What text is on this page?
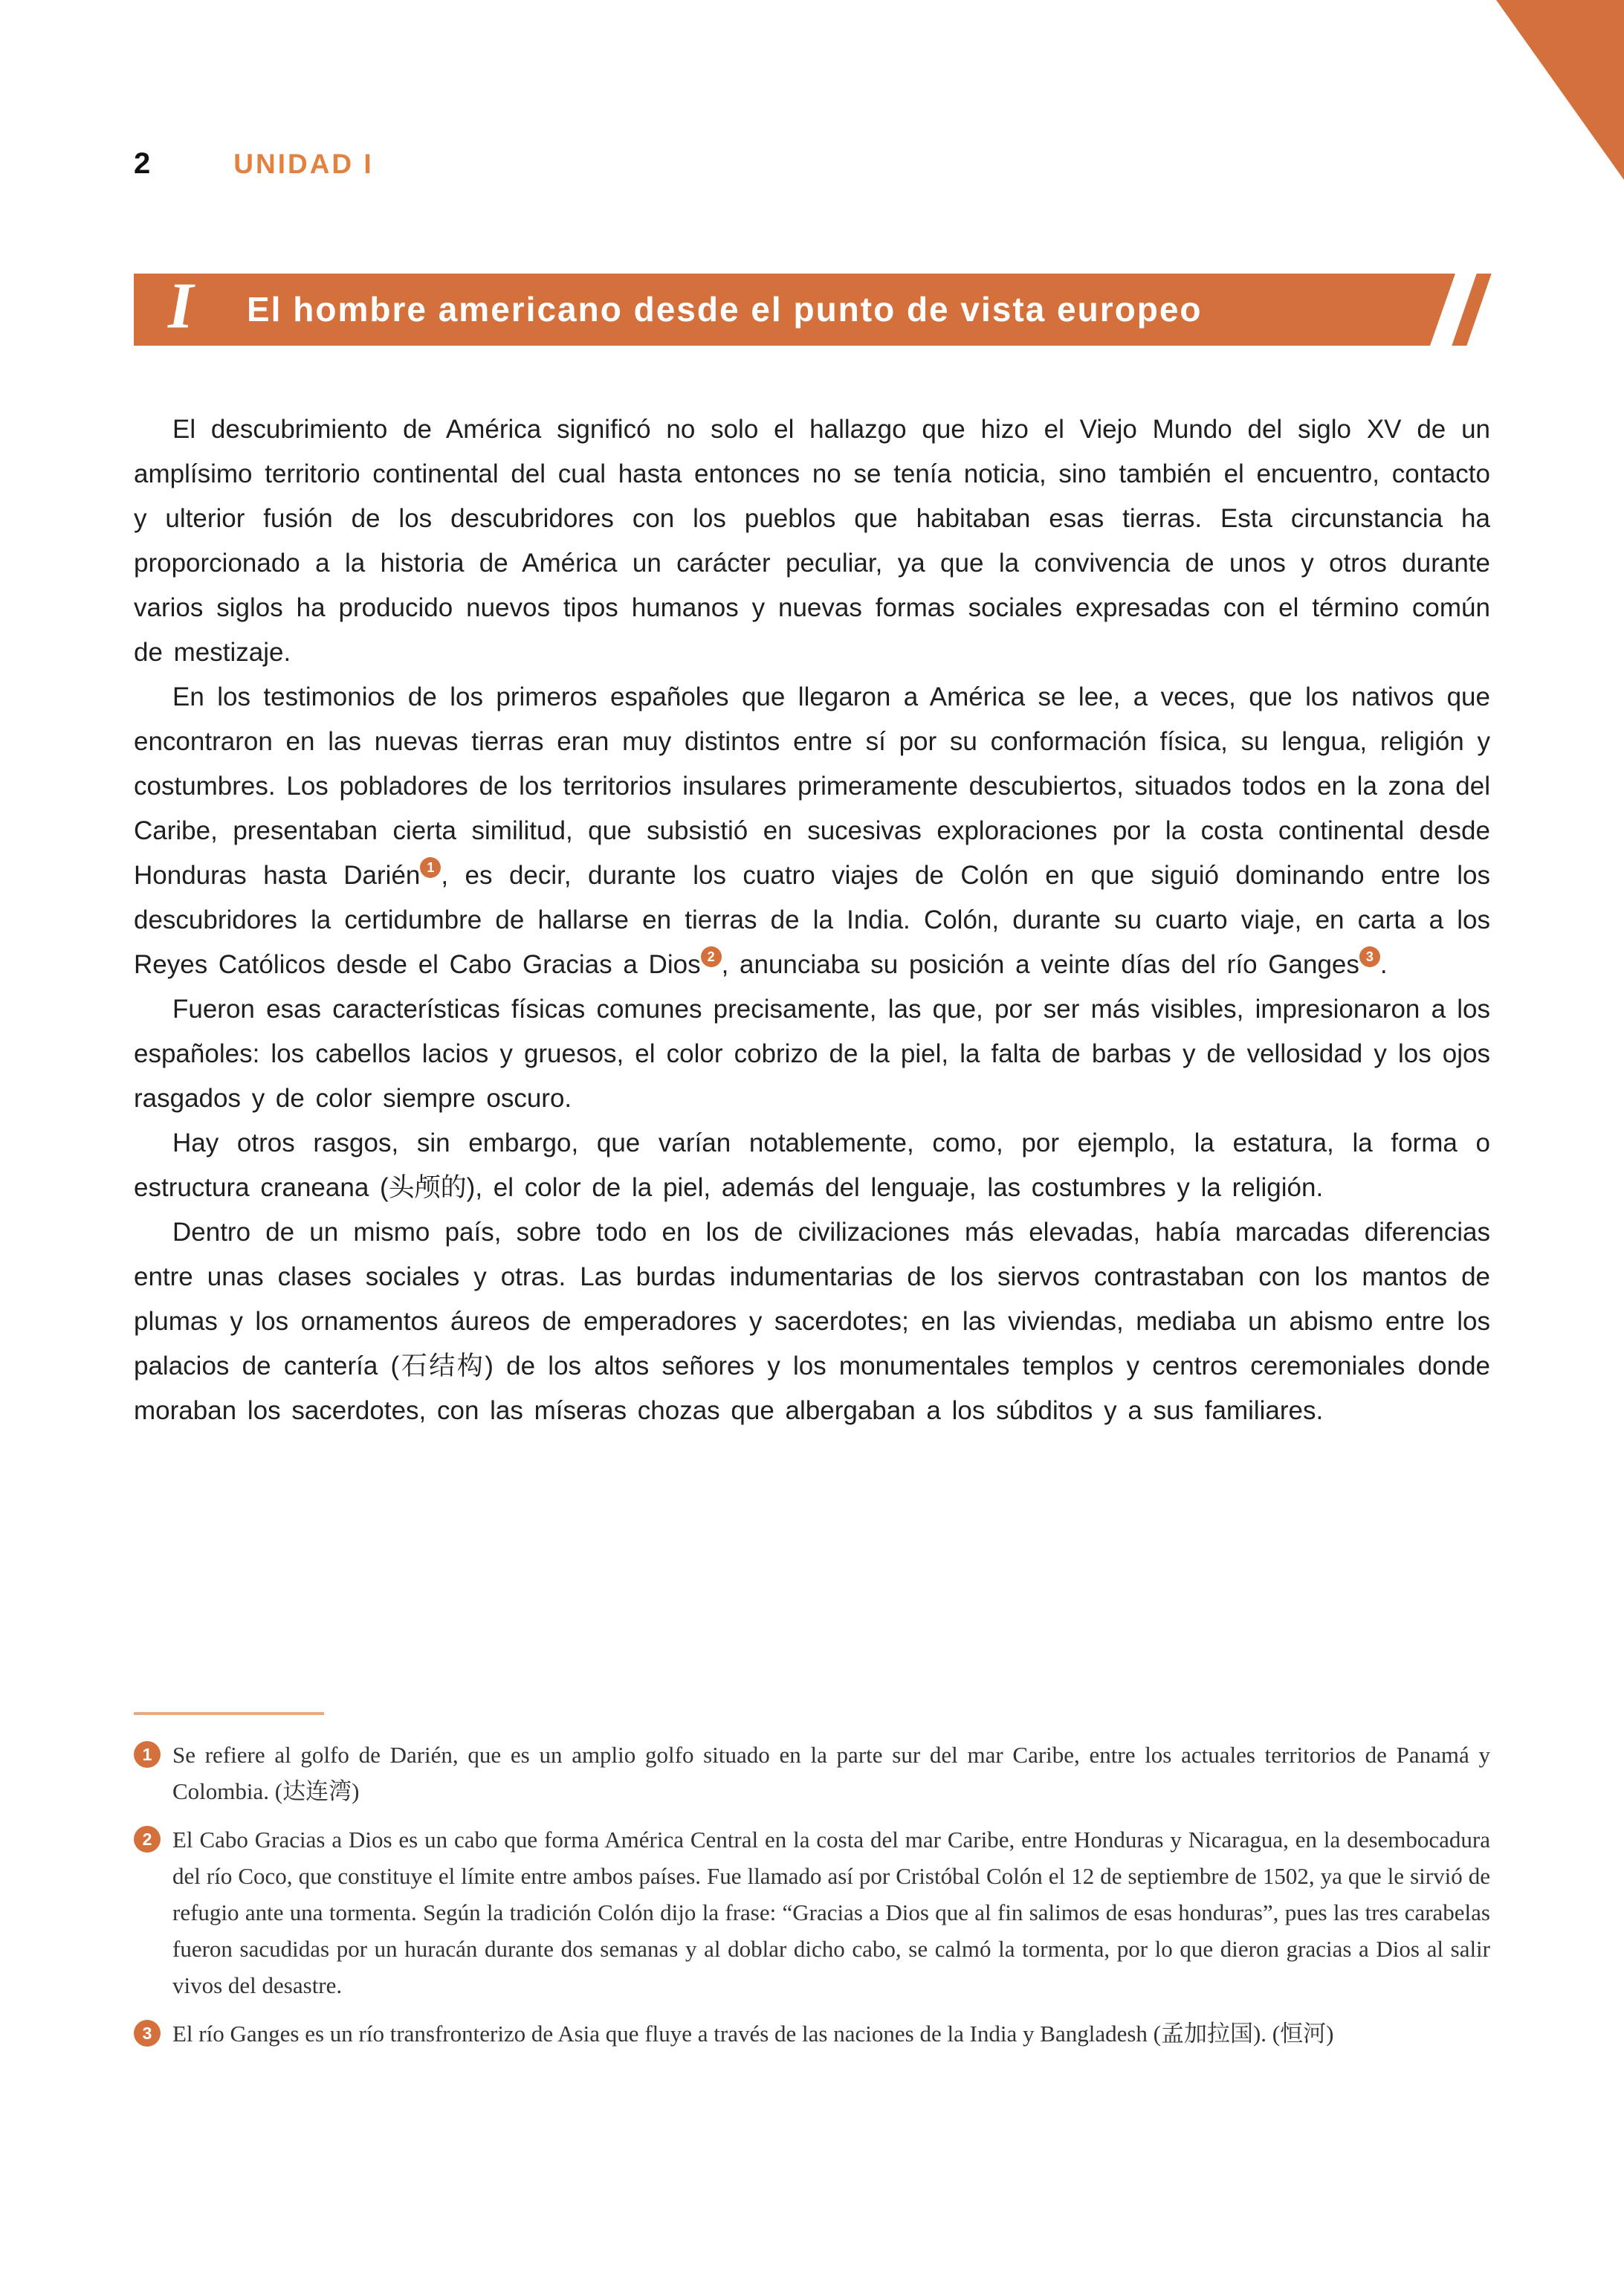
2	UNIDAD I
I El hombre americano desde el punto de vista europeo

El descubrimiento de América significó no solo el hallazgo que hizo el Viejo Mundo del siglo XV de un amplísimo territorio continental del cual hasta entonces no se tenía noticia, sino también el encuentro, contacto y ulterior fusión de los descubridores con los pueblos que habitaban esas tierras. Esta circunstancia ha proporcionado a la historia de América un carácter peculiar, ya que la convivencia de unos y otros durante varios siglos ha producido nuevos tipos humanos y nuevas formas sociales expresadas con el término común de mestizaje.

En los testimonios de los primeros españoles que llegaron a América se lee, a veces, que los nativos que encontraron en las nuevas tierras eran muy distintos entre sí por su conformación física, su lengua, religión y costumbres. Los pobladores de los territorios insulares primeramente descubiertos, situados todos en la zona del Caribe, presentaban cierta similitud, que subsistió en sucesivas exploraciones por la costa continental desde Honduras hasta Darién 1 , es decir, durante los cuatro viajes de Colón en que siguió dominando entre los descubridores la certidumbre de hallarse en tierras de la India. Colón, durante su cuarto viaje, en carta a los Reyes Católicos desde el Cabo Gracias a Dios 2 , anunciaba su posición a veinte días del río Ganges 3 .

Fueron esas características físicas comunes precisamente, las que, por ser más visibles, impresionaron a los españoles: los cabellos lacios y gruesos, el color cobrizo de la piel, la falta de barbas y de vellosidad y los ojos rasgados y de color siempre oscuro.

Hay otros rasgos, sin embargo, que varían notablemente, como, por ejemplo, la estatura, la forma o estructura craneana (头颅的), el color de la piel, además del lenguaje, las costumbres y la religión.

Dentro de un mismo país, sobre todo en los de civilizaciones más elevadas, había marcadas diferencias entre unas clases sociales y otras. Las burdas indumentarias de los siervos contrastaban con los mantos de plumas y los ornamentos áureos de emperadores y sacerdotes; en las viviendas, mediaba un abismo entre los palacios de cantería (石结构) de los altos señores y los monumentales templos y centros ceremoniales donde moraban los sacerdotes, con las míseras chozas que albergaban a los súbditos y a sus familiares.

1 Se refiere al golfo de Darién, que es un amplio golfo situado en la parte sur del mar Caribe, entre los actuales territorios de Panamá y Colombia. (达连湾)
2 El Cabo Gracias a Dios es un cabo que forma América Central en la costa del mar Caribe, entre Honduras y Nicaragua, en la desembocadura del río Coco, que constituye el límite entre ambos países. Fue llamado así por Cristóbal Colón el 12 de septiembre de 1502, ya que le sirvió de refugio ante una tormenta. Según la tradición Colón dijo la frase: “Gracias a Dios que al fin salimos de esas honduras”, pues las tres carabelas fueron sacudidas por un huracán durante dos semanas y al doblar dicho cabo, se calmó la tormenta, por lo que dieron gracias a Dios al salir vivos del desastre.
3 El río Ganges es un río transfronterizo de Asia que fluye a través de las naciones de la India y Bangladesh (孟加拉国). (恒河)
